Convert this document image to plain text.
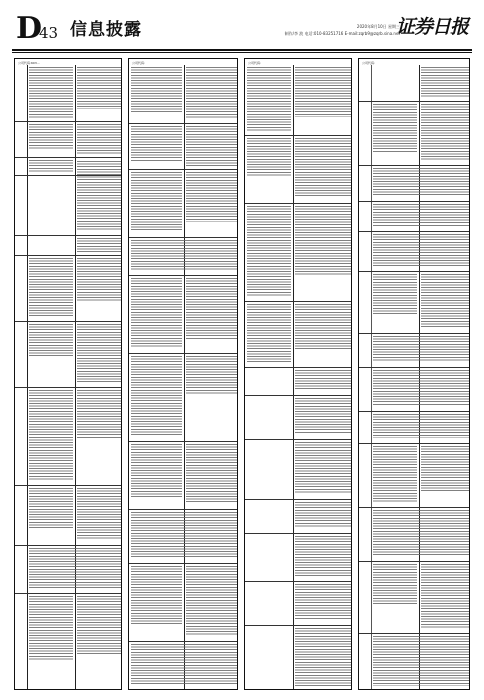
D
43 信息披露	2020年8月10日 星期三
制作/李 波 电话:010-83251716 E-mail:zqrb9@zqrb.sina.net
证券日报
公司代码:603...	公司代码:	公司代码:	公司代码:
